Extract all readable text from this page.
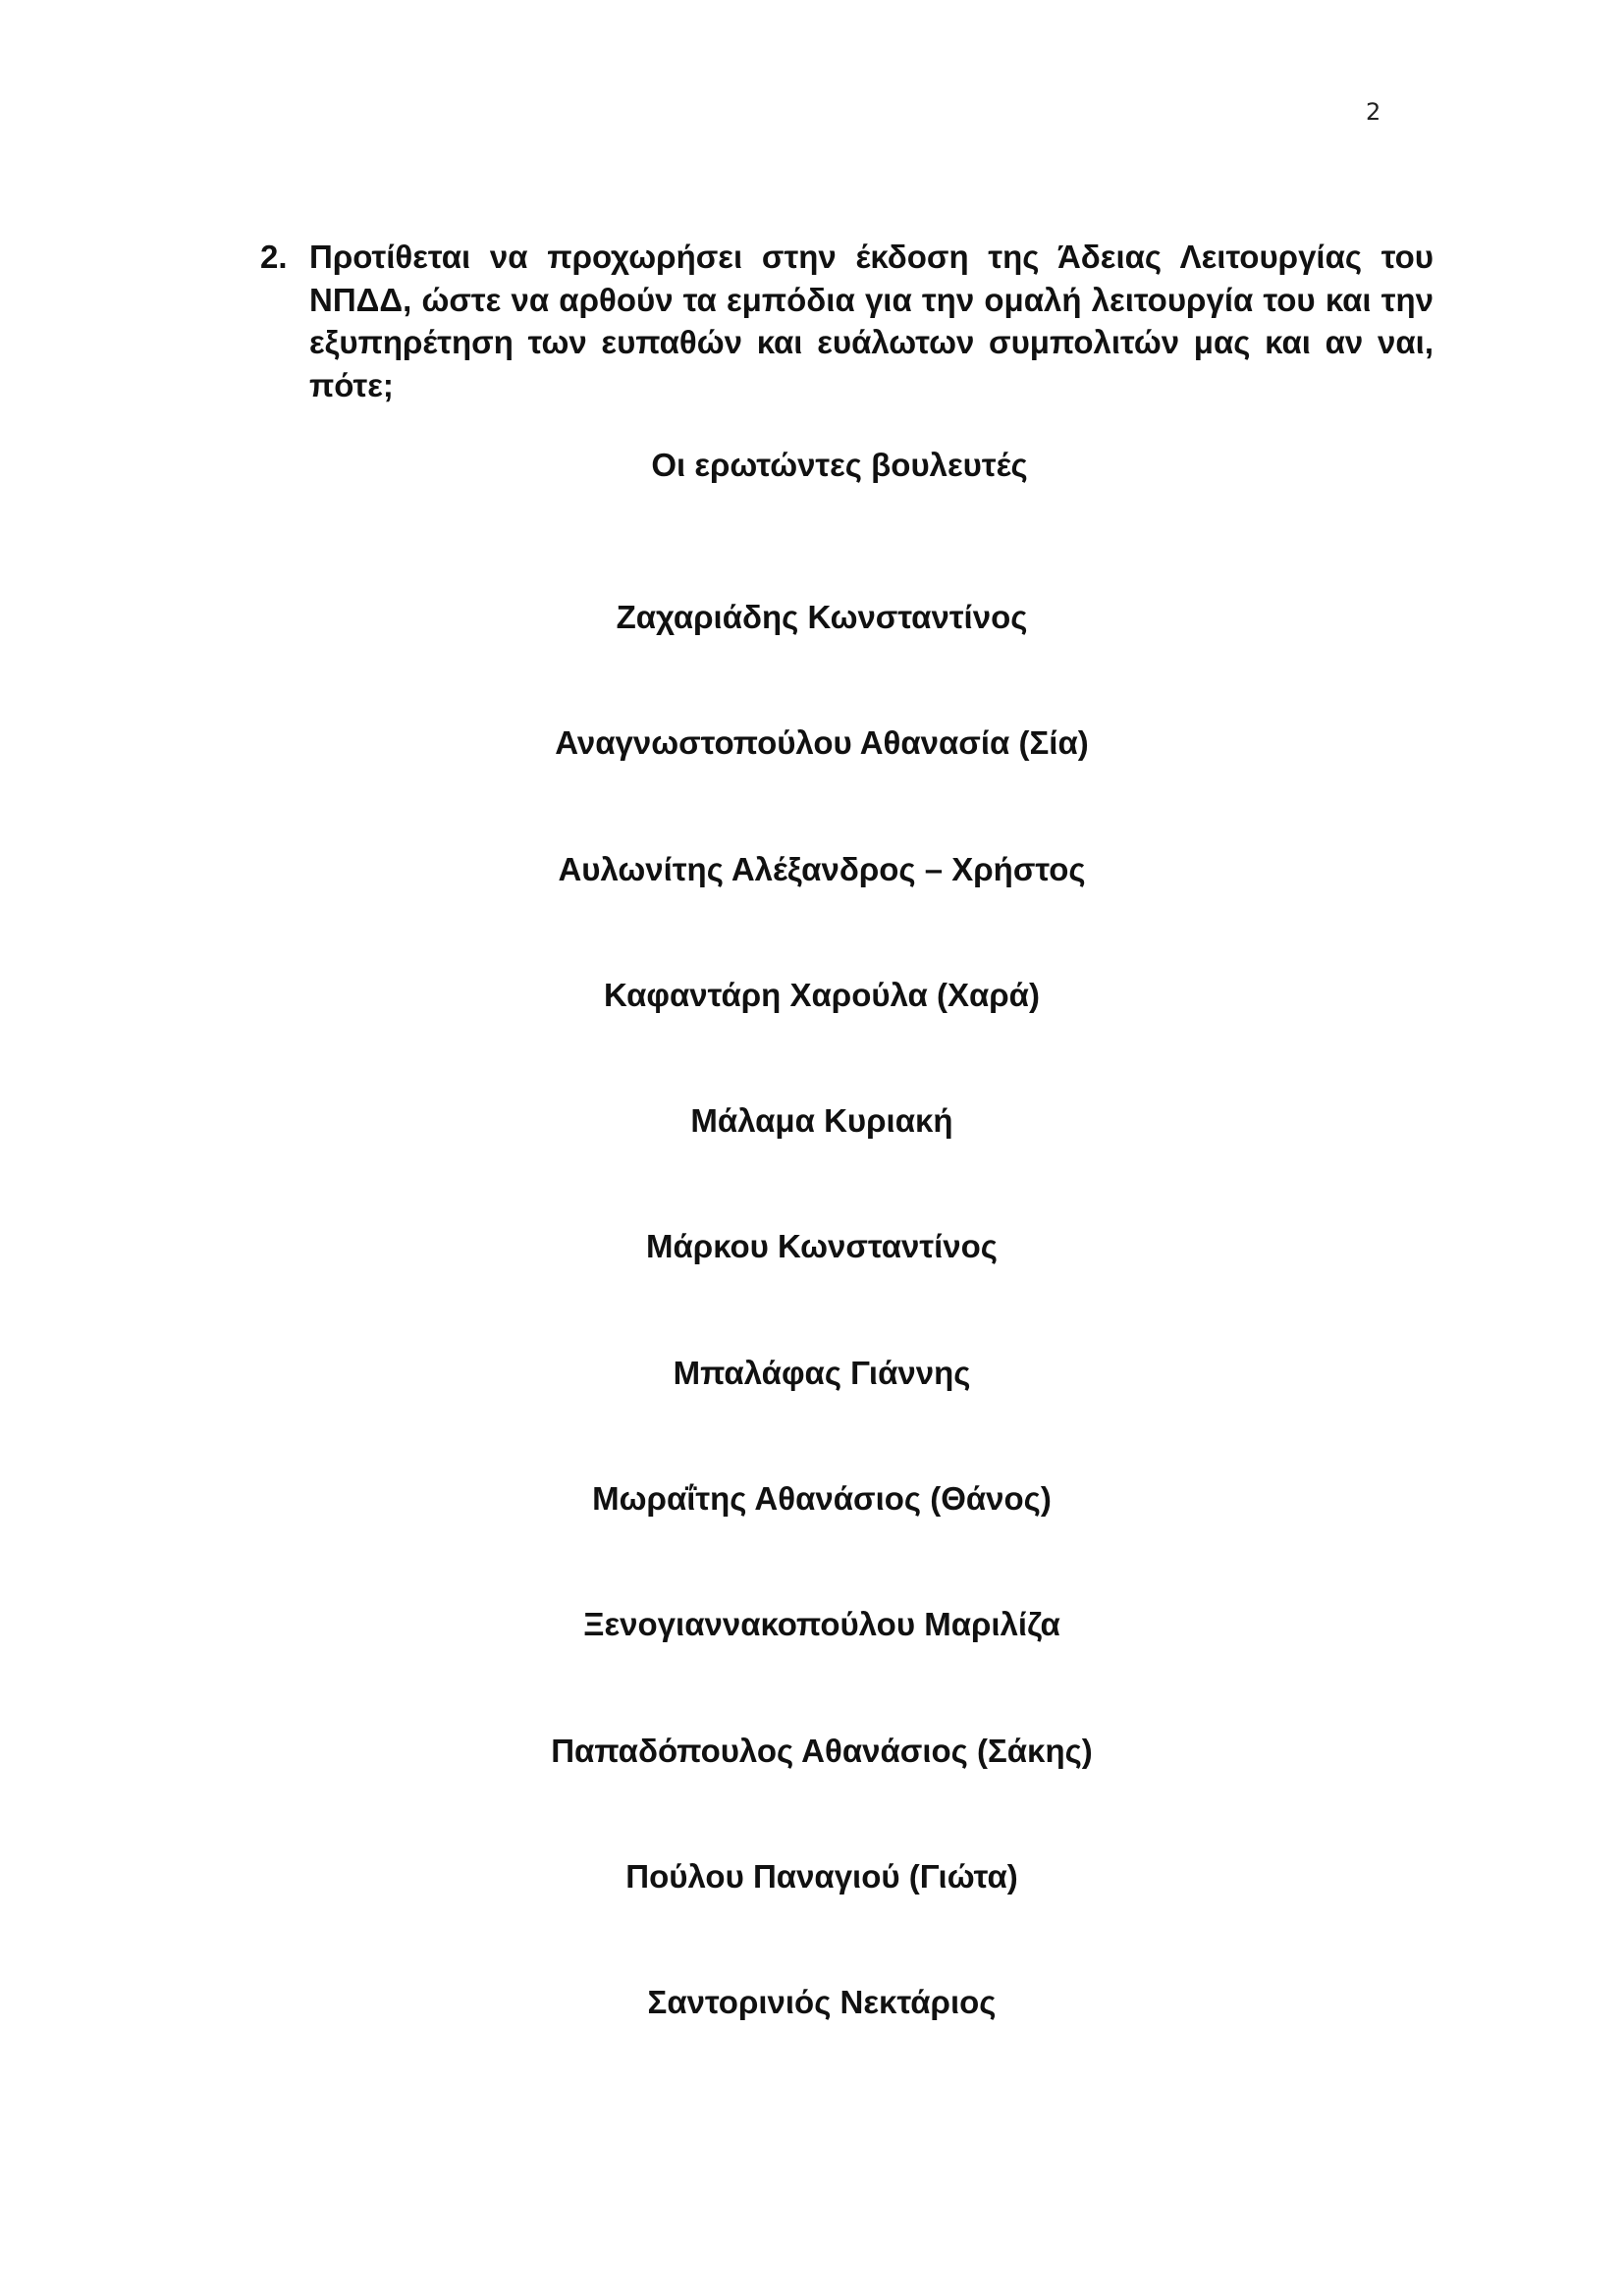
2
2. Προτίθεται να προχωρήσει στην έκδοση της Άδειας Λειτουργίας του ΝΠΔΔ, ώστε να αρθούν τα εμπόδια για την ομαλή λειτουργία του και την εξυπηρέτηση των ευπαθών και ευάλωτων συμπολιτών μας και αν ναι, πότε;
Οι ερωτώντες βουλευτές
Ζαχαριάδης Κωνσταντίνος
Αναγνωστοπούλου Αθανασία (Σία)
Αυλωνίτης Αλέξανδρος – Χρήστος
Καφαντάρη Χαρούλα (Χαρά)
Μάλαμα Κυριακή
Μάρκου Κωνσταντίνος
Μπαλάφας Γιάννης
Μωραΐτης Αθανάσιος (Θάνος)
Ξενογιαννακοπούλου Μαριλίζα
Παπαδόπουλος Αθανάσιος (Σάκης)
Πούλου Παναγιού (Γιώτα)
Σαντορινιός Νεκτάριος
